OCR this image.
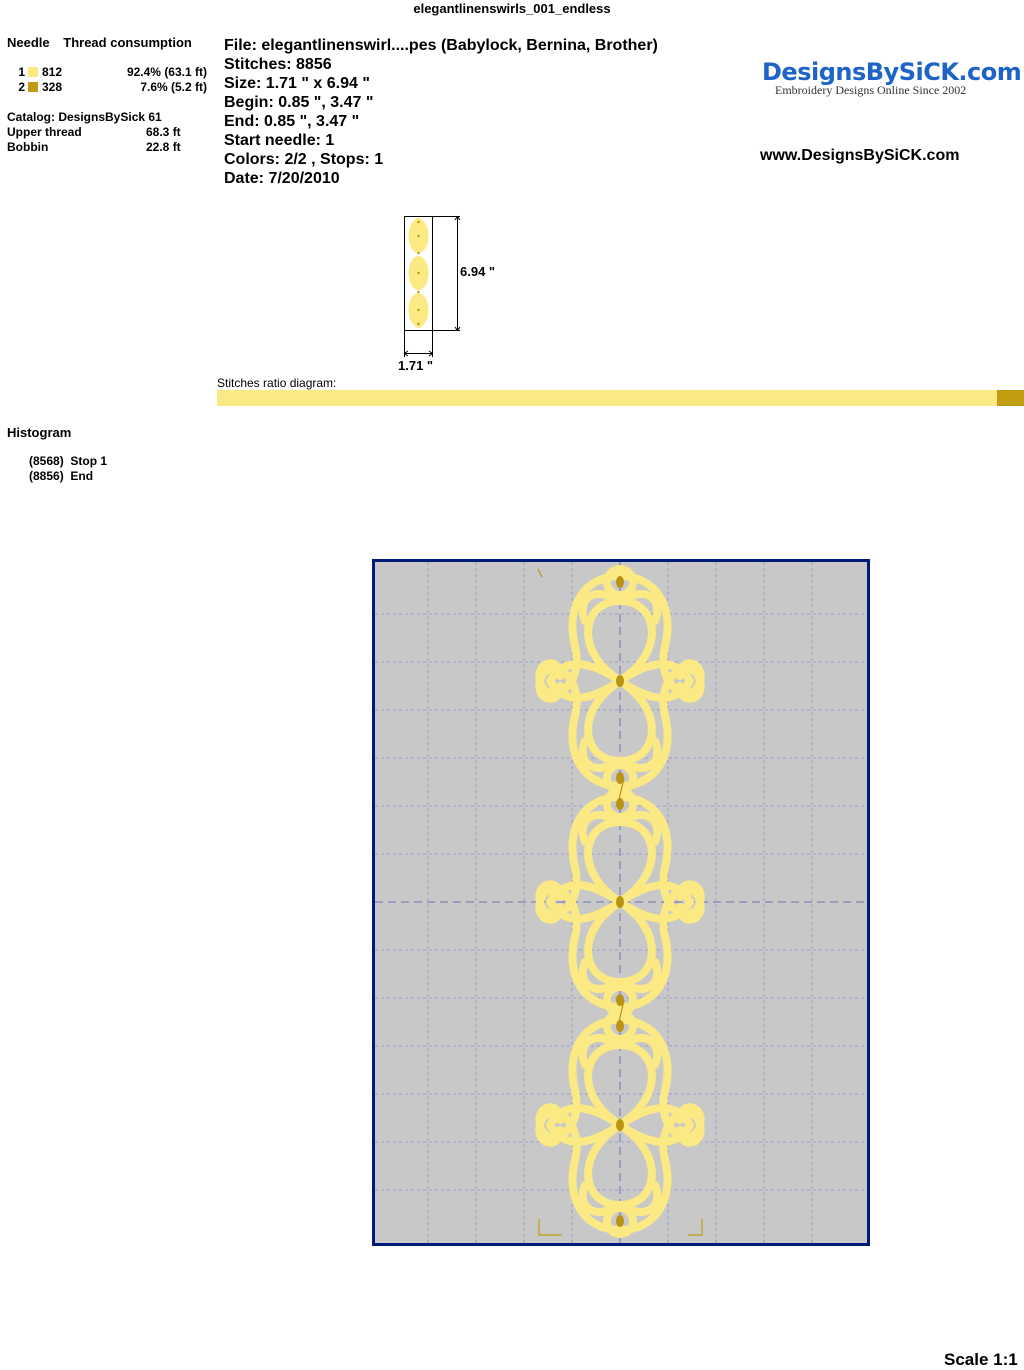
elegantlinenswirls_001_endless
Needle Thread consumption
1 812	92.4% (63.1 ft)
2 328	7.6% (5.2 ft)
Catalog: DesignsBySick 61
Upper thread	68.3 ft
Bobbin	22.8 ft
File: elegantlinenswirl....pes (Babylock, Bernina, Brother)
Stitches: 8856
Size: 1.71 " x 6.94 "
Begin: 0.85 ", 3.47 "
End: 0.85 ", 3.47 "
Start needle: 1
Colors: 2/2 , Stops: 1
Date: 7/20/2010
DesignsBySiCK.com
Embroidery Designs Online Since 2002
www.DesignsBySiCK.com
6.94 "
1.71 "
Stitches ratio diagram:
Histogram
(8568) Stop 1
(8856) End
Scale 1:1
